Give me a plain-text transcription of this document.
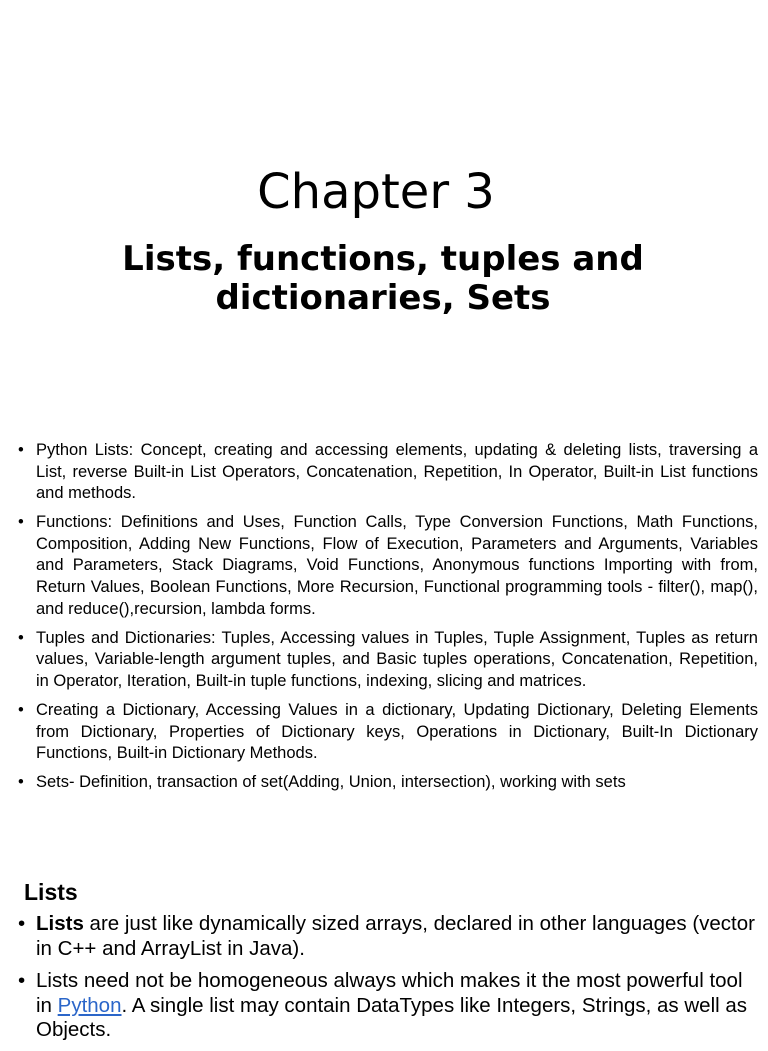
Chapter 3
Lists, functions, tuples and dictionaries, Sets
• Python Lists: Concept, creating and accessing elements, updating & deleting lists, traversing a List, reverse Built-in List Operators, Concatenation, Repetition, In Operator, Built-in List functions and methods.
• Functions: Definitions and Uses, Function Calls, Type Conversion Functions, Math Functions, Composition, Adding New Functions, Flow of Execution, Parameters and Arguments, Variables and Parameters, Stack Diagrams, Void Functions, Anonymous functions Importing with from, Return Values, Boolean Functions, More Recursion, Functional programming tools - filter(), map(), and reduce(),recursion, lambda forms.
• Tuples and Dictionaries: Tuples, Accessing values in Tuples, Tuple Assignment, Tuples as return values, Variable-length argument tuples, and Basic tuples operations, Concatenation, Repetition, in Operator, Iteration, Built-in tuple functions, indexing, slicing and matrices.
• Creating a Dictionary, Accessing Values in a dictionary, Updating Dictionary, Deleting Elements from Dictionary, Properties of Dictionary keys, Operations in Dictionary, Built-In Dictionary Functions, Built-in Dictionary Methods.
• Sets- Definition, transaction of set(Adding, Union, intersection), working with sets
Lists
• Lists are just like dynamically sized arrays, declared in other languages (vector in C++ and ArrayList in Java).
• Lists need not be homogeneous always which makes it the most powerful tool in Python. A single list may contain DataTypes like Integers, Strings, as well as Objects.
